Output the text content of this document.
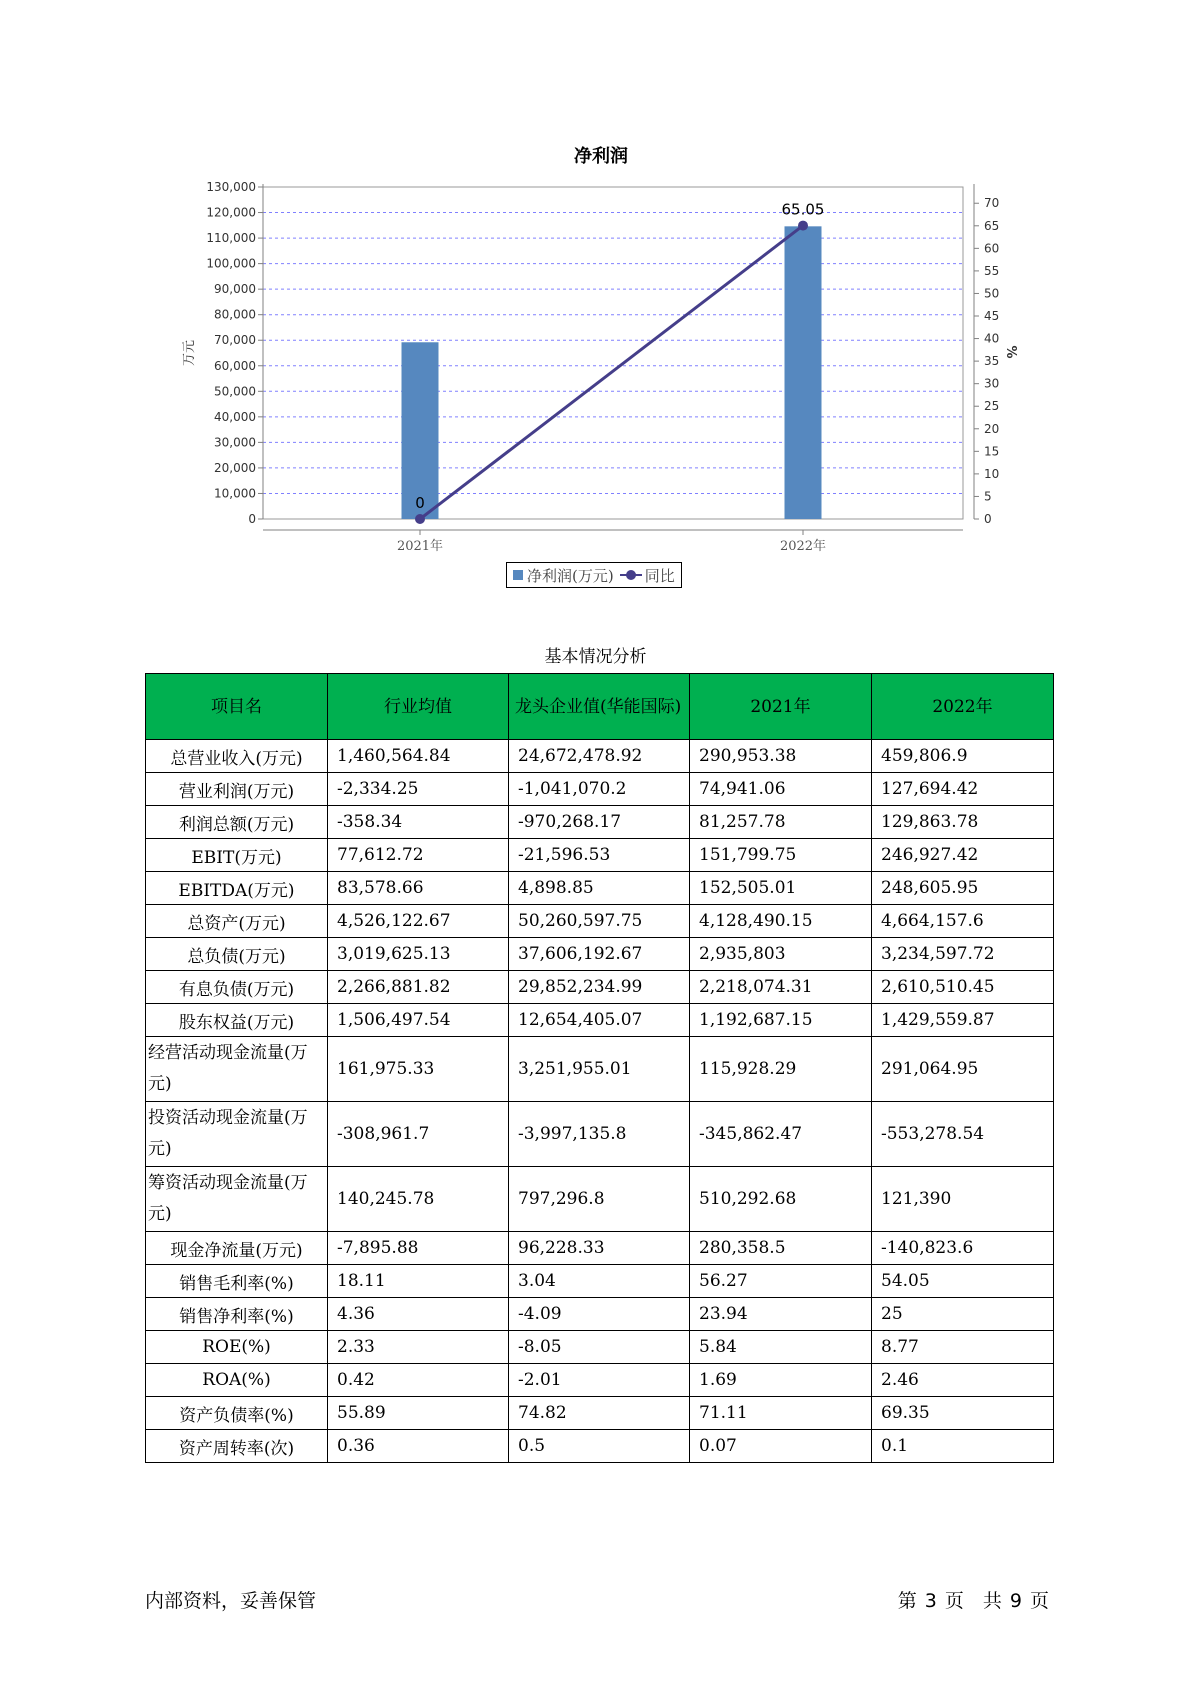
净利润
0
10,000
20,000
30,000
40,000
50,000
60,000
70,000
80,000
90,000
100,000
110,000
120,000
130,000
0
5
10
15
20
25
30
35
40
45
50
55
60
65
70
万元	%
2021年	2022年
0
65.05
净利润(万元) 同比
基本情况分析
项目名	行业均值	龙头企业值(华能国际)	2021年	2022年
总营业收入(万元)	1,460,564.84	24,672,478.92	290,953.38	459,806.9
营业利润(万元)	-2,334.25	-1,041,070.2	74,941.06	127,694.42
利润总额(万元)	-358.34	-970,268.17	81,257.78	129,863.78
EBIT(万元)	77,612.72	-21,596.53	151,799.75	246,927.42
EBITDA(万元)	83,578.66	4,898.85	152,505.01	248,605.95
总资产(万元)	4,526,122.67	50,260,597.75	4,128,490.15	4,664,157.6
总负债(万元)	3,019,625.13	37,606,192.67	2,935,803	3,234,597.72
有息负债(万元)	2,266,881.82	29,852,234.99	2,218,074.31	2,610,510.45
股东权益(万元)	1,506,497.54	12,654,405.07	1,192,687.15	1,429,559.87
经营活动现金流量(万元)	161,975.33	3,251,955.01	115,928.29	291,064.95
投资活动现金流量(万元)	-308,961.7	-3,997,135.8	-345,862.47	-553,278.54
筹资活动现金流量(万元)	140,245.78	797,296.8	510,292.68	121,390
现金净流量(万元)	-7,895.88	96,228.33	280,358.5	-140,823.6
销售毛利率(%)	18.11	3.04	56.27	54.05
销售净利率(%)	4.36	-4.09	23.94	25
ROE(%)	2.33	-8.05	5.84	8.77
ROA(%)	0.42	-2.01	1.69	2.46
资产负债率(%)	55.89	74.82	71.11	69.35
资产周转率(次)	0.36	0.5	0.07	0.1
内部资料，妥善保管	第 3 页　共 9 页
